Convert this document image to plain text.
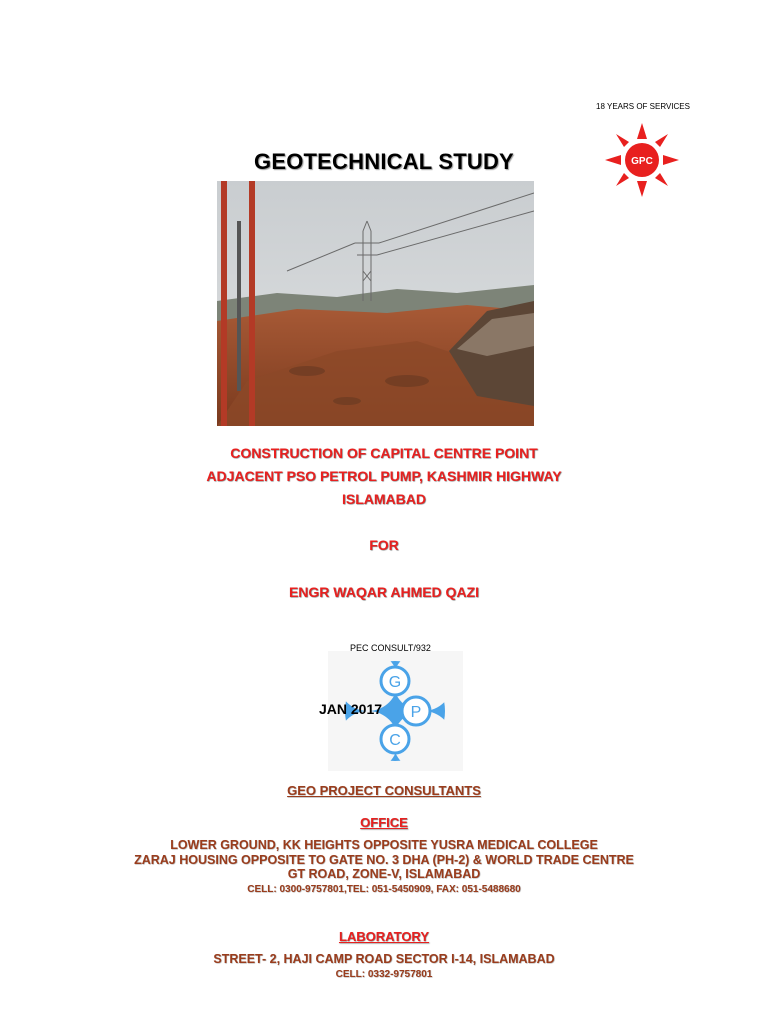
18 YEARS OF SERVICES
GPC
GEOTECHNICAL STUDY
CONSTRUCTION OF CAPITAL CENTRE POINT
ADJACENT PSO PETROL PUMP, KASHMIR HIGHWAY
ISLAMABAD
FOR
ENGR WAQAR AHMED QAZI
G
P
C
PEC CONSULT/932
JAN 2017
GEO PROJECT CONSULTANTS
OFFICE
LOWER GROUND, KK HEIGHTS OPPOSITE YUSRA MEDICAL COLLEGE
ZARAJ HOUSING OPPOSITE TO GATE NO. 3 DHA (PH-2) & WORLD TRADE CENTRE
GT ROAD, ZONE-V, ISLAMABAD
CELL: 0300-9757801,TEL: 051-5450909, FAX: 051-5488680
LABORATORY
STREET- 2, HAJI CAMP ROAD SECTOR I-14, ISLAMABAD
CELL: 0332-9757801
